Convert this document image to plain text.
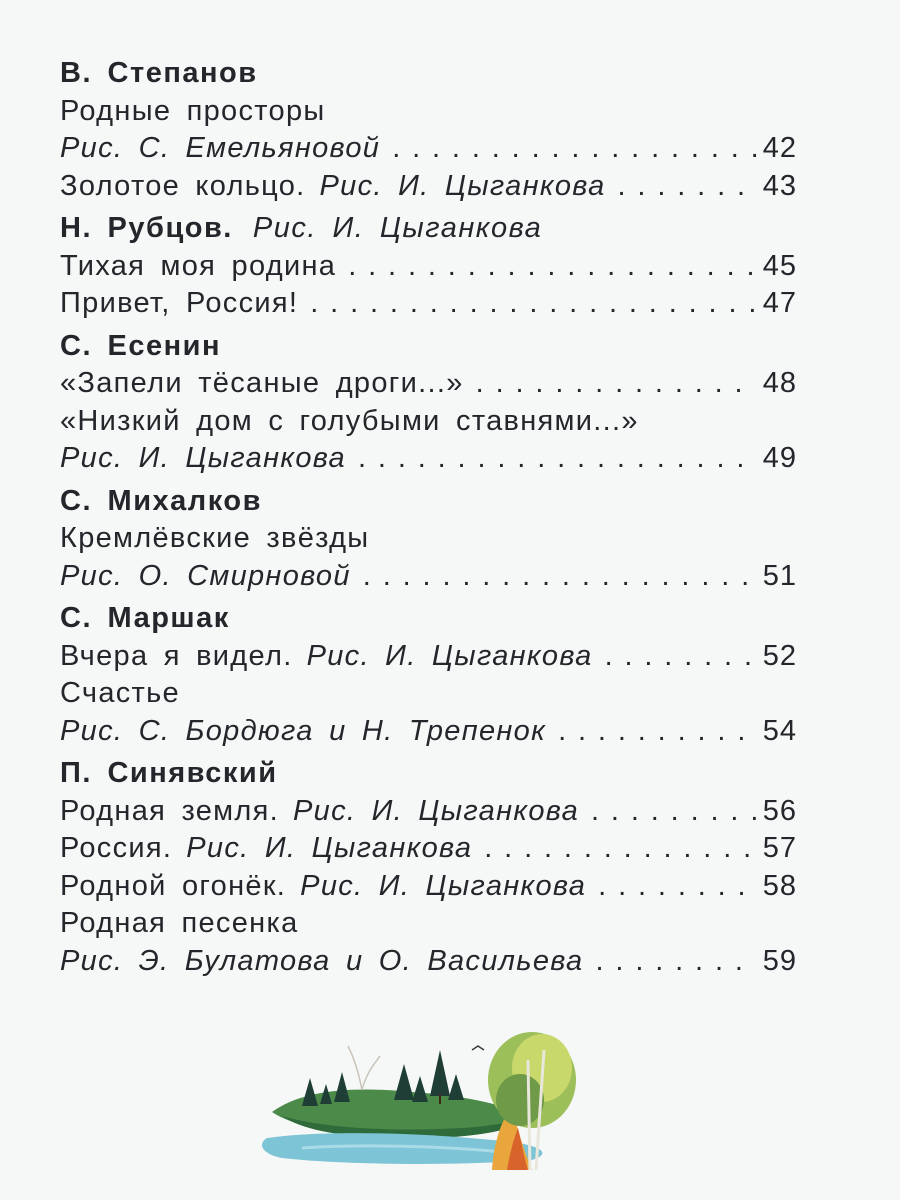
В. Степанов
Родные просторы
Рис. С. Емельяновой . . .	42
Золотое кольцо. Рис. И. Цыганкова . . .	43
Н. Рубцов. Рис. И. Цыганкова
Тихая моя родина . . .	45
Привет, Россия! . . .	47
С. Есенин
«Запели тёсаные дроги...» . . .	48
«Низкий дом с голубыми ставнями...»
Рис. И. Цыганкова . . .	49
С. Михалков
Кремлёвские звёзды
Рис. О. Смирновой . . .	51
С. Маршак
Вчера я видел. Рис. И. Цыганкова . . .	52
Счастье
Рис. С. Бордюга и Н. Трепенок . . .	54
П. Синявский
Родная земля. Рис. И. Цыганкова . . .	56
Россия. Рис. И. Цыганкова . . .	57
Родной огонёк. Рис. И. Цыганкова . . .	58
Родная песенка
Рис. Э. Булатова и О. Васильева . . .	59
